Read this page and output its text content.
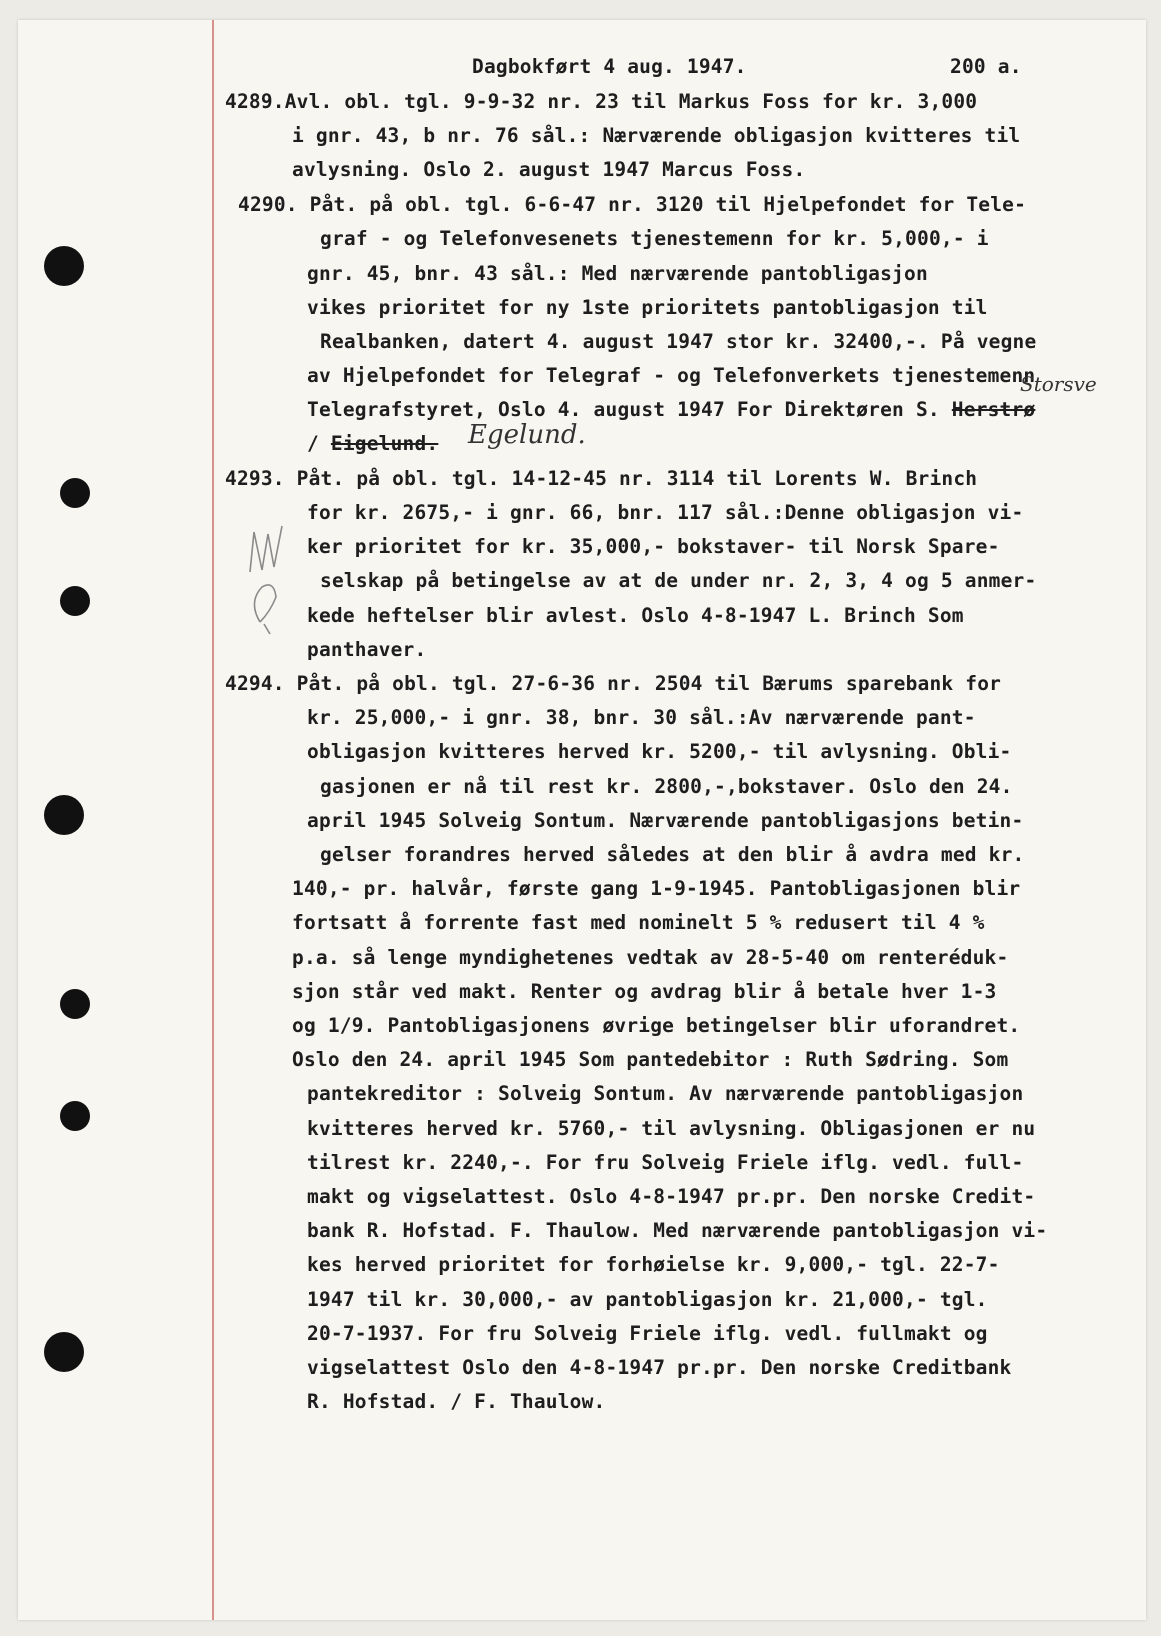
Dagbokført 4 aug. 1947.	200 a.
4289.Avl. obl. tgl. 9-9-32 nr. 23 til Markus Foss for kr. 3,000
i gnr. 43, b nr. 76 sål.: Nærværende obligasjon kvitteres til
avlysning. Oslo 2. august 1947 Marcus Foss.
4290. Påt. på obl. tgl. 6-6-47 nr. 3120 til Hjelpefondet for Tele-
graf - og Telefonvesenets tjenestemenn for kr. 5,000,- i
gnr. 45, bnr. 43 sål.: Med nærværende pantobligasjon
vikes prioritet for ny 1ste prioritets pantobligasjon til
Realbanken, datert 4. august 1947 stor kr. 32400,-. På vegne
av Hjelpefondet for Telegraf - og Telefonverkets tjenestemenn
Telegrafstyret, Oslo 4. august 1947 For Direktøren S. Herstrø
Storsve
/ Eigelund. Egelund.
4293. Påt. på obl. tgl. 14-12-45 nr. 3114 til Lorents W. Brinch
for kr. 2675,- i gnr. 66, bnr. 117 sål.:Denne obligasjon vi-
ker prioritet for kr. 35,000,- bokstaver- til Norsk Spare-
selskap på betingelse av at de under nr. 2, 3, 4 og 5 anmer-
kede heftelser blir avlest. Oslo 4-8-1947 L. Brinch Som
panthaver.
4294. Påt. på obl. tgl. 27-6-36 nr. 2504 til Bærums sparebank for
kr. 25,000,- i gnr. 38, bnr. 30 sål.:Av nærværende pant-
obligasjon kvitteres herved kr. 5200,- til avlysning. Obli-
gasjonen er nå til rest kr. 2800,-,bokstaver. Oslo den 24.
april 1945 Solveig Sontum. Nærværende pantobligasjons betin-
gelser forandres herved således at den blir å avdra med kr.
140,- pr. halvår, første gang 1-9-1945. Pantobligasjonen blir
fortsatt å forrente fast med nominelt 5 % redusert til 4 %
p.a. så lenge myndighetenes vedtak av 28-5-40 om renteréduk-
sjon står ved makt. Renter og avdrag blir å betale hver 1-3
og 1/9. Pantobligasjonens øvrige betingelser blir uforandret.
Oslo den 24. april 1945 Som pantedebitor : Ruth Sødring. Som
pantekreditor : Solveig Sontum. Av nærværende pantobligasjon
kvitteres herved kr. 5760,- til avlysning. Obligasjonen er nu
tilrest kr. 2240,-. For fru Solveig Friele iflg. vedl. full-
makt og vigselattest. Oslo 4-8-1947 pr.pr. Den norske Credit-
bank R. Hofstad. F. Thaulow. Med nærværende pantobligasjon vi-
kes herved prioritet for forhøielse kr. 9,000,- tgl. 22-7-
1947 til kr. 30,000,- av pantobligasjon kr. 21,000,- tgl.
20-7-1937. For fru Solveig Friele iflg. vedl. fullmakt og
vigselattest Oslo den 4-8-1947 pr.pr. Den norske Creditbank
R. Hofstad. / F. Thaulow.
